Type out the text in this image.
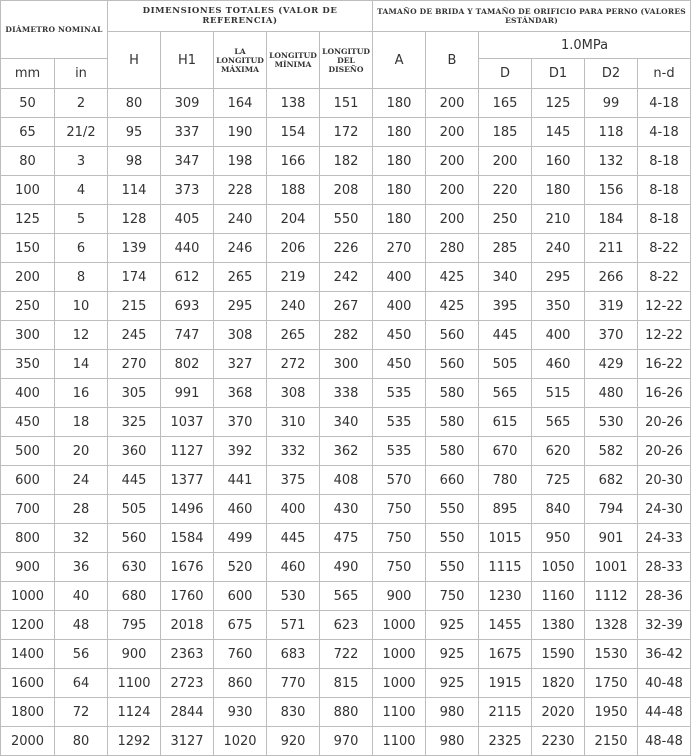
DIÁMETRO NOMINAL		DIMENSIONES TOTALES (VALOR DE REFERENCIA)					TAMAÑO DE BRIDA Y TAMAÑO DE ORIFICIO PARA PERNO (VALORES ESTÁNDAR)					
		H	H1	LA LONGITUD MÁXIMA	LONGITUD MÍNIMA	LONGITUD DEL DISEÑO	A	B	1.0MPa			
mm	in								D	D1	D2	n-d
50	2	80	309	164	138	151	180	200	165	125	99	4-18
65	21/2	95	337	190	154	172	180	200	185	145	118	4-18
80	3	98	347	198	166	182	180	200	200	160	132	8-18
100	4	114	373	228	188	208	180	200	220	180	156	8-18
125	5	128	405	240	204	550	180	200	250	210	184	8-18
150	6	139	440	246	206	226	270	280	285	240	211	8-22
200	8	174	612	265	219	242	400	425	340	295	266	8-22
250	10	215	693	295	240	267	400	425	395	350	319	12-22
300	12	245	747	308	265	282	450	560	445	400	370	12-22
350	14	270	802	327	272	300	450	560	505	460	429	16-22
400	16	305	991	368	308	338	535	580	565	515	480	16-26
450	18	325	1037	370	310	340	535	580	615	565	530	20-26
500	20	360	1127	392	332	362	535	580	670	620	582	20-26
600	24	445	1377	441	375	408	570	660	780	725	682	20-30
700	28	505	1496	460	400	430	750	550	895	840	794	24-30
800	32	560	1584	499	445	475	750	550	1015	950	901	24-33
900	36	630	1676	520	460	490	750	550	1115	1050	1001	28-33
1000	40	680	1760	600	530	565	900	750	1230	1160	1112	28-36
1200	48	795	2018	675	571	623	1000	925	1455	1380	1328	32-39
1400	56	900	2363	760	683	722	1000	925	1675	1590	1530	36-42
1600	64	1100	2723	860	770	815	1000	925	1915	1820	1750	40-48
1800	72	1124	2844	930	830	880	1100	980	2115	2020	1950	44-48
2000	80	1292	3127	1020	920	970	1100	980	2325	2230	2150	48-48
